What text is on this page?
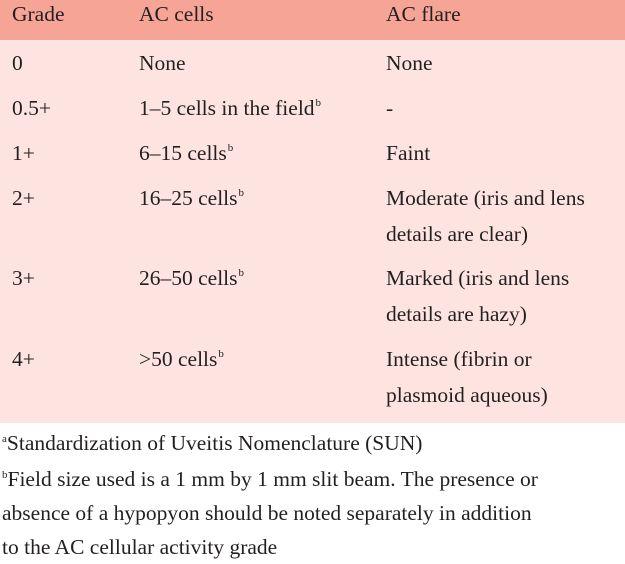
Grade	AC cells	AC flare
0	None	None
0.5+	1–5 cells in the field$^b$	-
1+	6–15 cells$^b$	Faint
2+	16–25 cells$^b$	Moderate (iris and lens
details are clear)
3+	26–50 cells$^b$	Marked (iris and lens
details are hazy)
4+	>50 cells$^b$	Intense (fibrin or
plasmoid aqueous)
$^a$Standardization of Uveitis Nomenclature (SUN)
$^b$Field size used is a 1 mm by 1 mm slit beam. The presence or
absence of a hypopyon should be noted separately in addition
to the AC cellular activity grade
